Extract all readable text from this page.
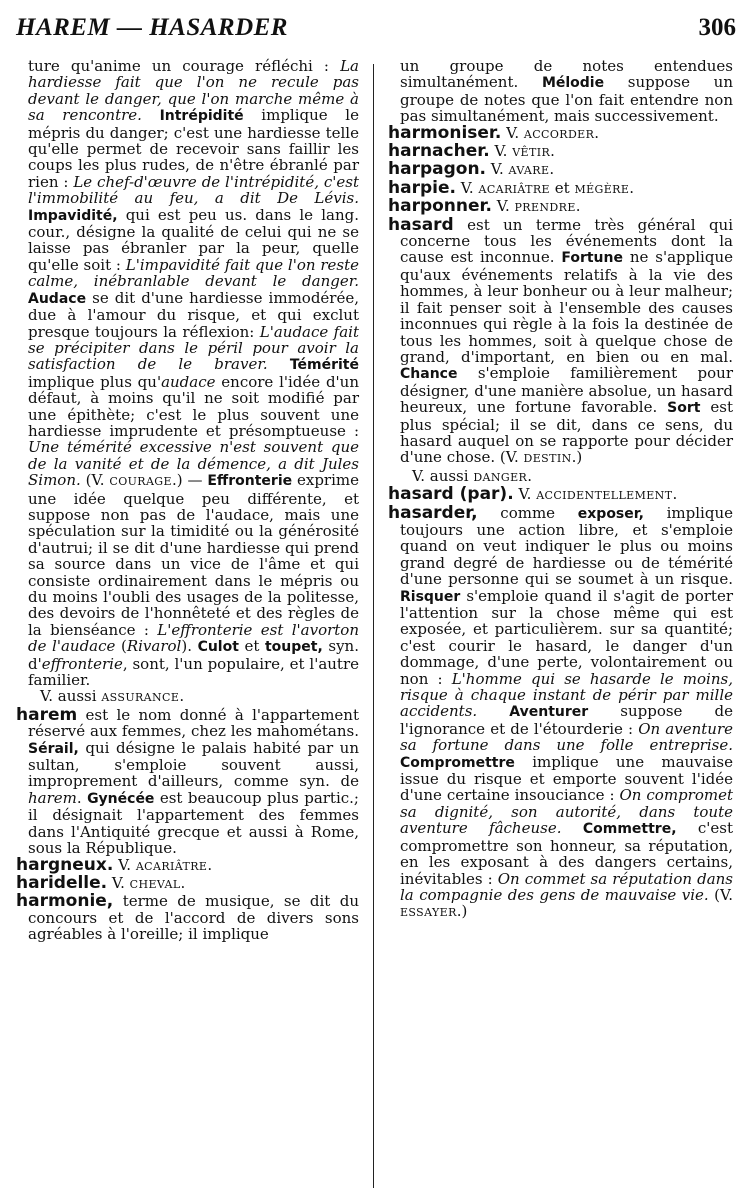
HAREM — HASARDER	306

ture qu'anime un courage réfléchi : La hardiesse fait que l'on ne recule pas devant le danger, que l'on marche même à sa rencontre. Intrépidité implique le mépris du danger; c'est une hardiesse telle qu'elle permet de recevoir sans faillir les coups les plus rudes, de n'être ébranlé par rien : Le chef-d'œuvre de l'intrépidité, c'est l'immobilité au feu, a dit De Lévis. Impavidité, qui est peu us. dans le lang. cour., désigne la qualité de celui qui ne se laisse pas ébranler par la peur, quelle qu'elle soit : L'impavidité fait que l'on reste calme, inébranlable devant le danger. Audace se dit d'une hardiesse immodérée, due à l'amour du risque, et qui exclut presque toujours la réflexion: L'audace fait se précipiter dans le péril pour avoir la satisfaction de le braver. Témérité implique plus qu'audace encore l'idée d'un défaut, à moins qu'il ne soit modifié par une épithète; c'est le plus souvent une hardiesse imprudente et présomptueuse : Une témérité excessive n'est souvent que de la vanité et de la démence, a dit Jules Simon. (V. COURAGE.) — Effronterie exprime une idée quelque peu différente, et suppose non pas de l'audace, mais une spéculation sur la timidité ou la générosité d'autrui; il se dit d'une hardiesse qui prend sa source dans un vice de l'âme et qui consiste ordinairement dans le mépris ou du moins l'oubli des usages de la politesse, des devoirs de l'honnêteté et des règles de la bienséance : L'effronterie est l'avorton de l'audace (Rivarol). Culot et toupet, syn. d'effronterie, sont, l'un populaire, et l'autre familier.

V. aussi ASSURANCE.

harem est le nom donné à l'appartement réservé aux femmes, chez les mahométans. Sérail, qui désigne le palais habité par un sultan, s'emploie souvent aussi, improprement d'ailleurs, comme syn. de harem. Gynécée est beaucoup plus partic.; il désignait l'appartement des femmes dans l'Antiquité grecque et aussi à Rome, sous la République.

hargneux. V. ACARIÂTRE.

haridelle. V. CHEVAL.

harmonie, terme de musique, se dit du concours et de l'accord de divers sons agréables à l'oreille; il implique

un groupe de notes entendues simultanément. Mélodie suppose un groupe de notes que l'on fait entendre non pas simultanément, mais successivement.

harmoniser. V. ACCORDER.

harnacher. V. VÊTIR.

harpagon. V. AVARE.

harpie. V. ACARIÂTRE et MÉGÈRE.

harponner. V. PRENDRE.

hasard est un terme très général qui concerne tous les événements dont la cause est inconnue. Fortune ne s'applique qu'aux événements relatifs à la vie des hommes, à leur bonheur ou à leur malheur; il fait penser soit à l'ensemble des causes inconnues qui règle à la fois la destinée de tous les hommes, soit à quelque chose de grand, d'important, en bien ou en mal. Chance s'emploie familièrement pour désigner, d'une manière absolue, un hasard heureux, une fortune favorable. Sort est plus spécial; il se dit, dans ce sens, du hasard auquel on se rapporte pour décider d'une chose. (V. DESTIN.)

V. aussi DANGER.

hasard (par). V. ACCIDENTELLEMENT.

hasarder, comme exposer, implique toujours une action libre, et s'emploie quand on veut indiquer le plus ou moins grand degré de hardiesse ou de témérité d'une personne qui se soumet à un risque. Risquer s'emploie quand il s'agit de porter l'attention sur la chose même qui est exposée, et particulièrem. sur sa quantité; c'est courir le hasard, le danger d'un dommage, d'une perte, volontairement ou non : L'homme qui se hasarde le moins, risque à chaque instant de périr par mille accidents. Aventurer suppose de l'ignorance et de l'étourderie : On aventure sa fortune dans une folle entreprise. Compromettre implique une mauvaise issue du risque et emporte souvent l'idée d'une certaine insouciance : On compromet sa dignité, son autorité, dans toute aventure fâcheuse. Commettre, c'est compromettre son honneur, sa réputation, en les exposant à des dangers certains, inévitables : On commet sa réputation dans la compagnie des gens de mauvaise vie. (V. ESSAYER.)
